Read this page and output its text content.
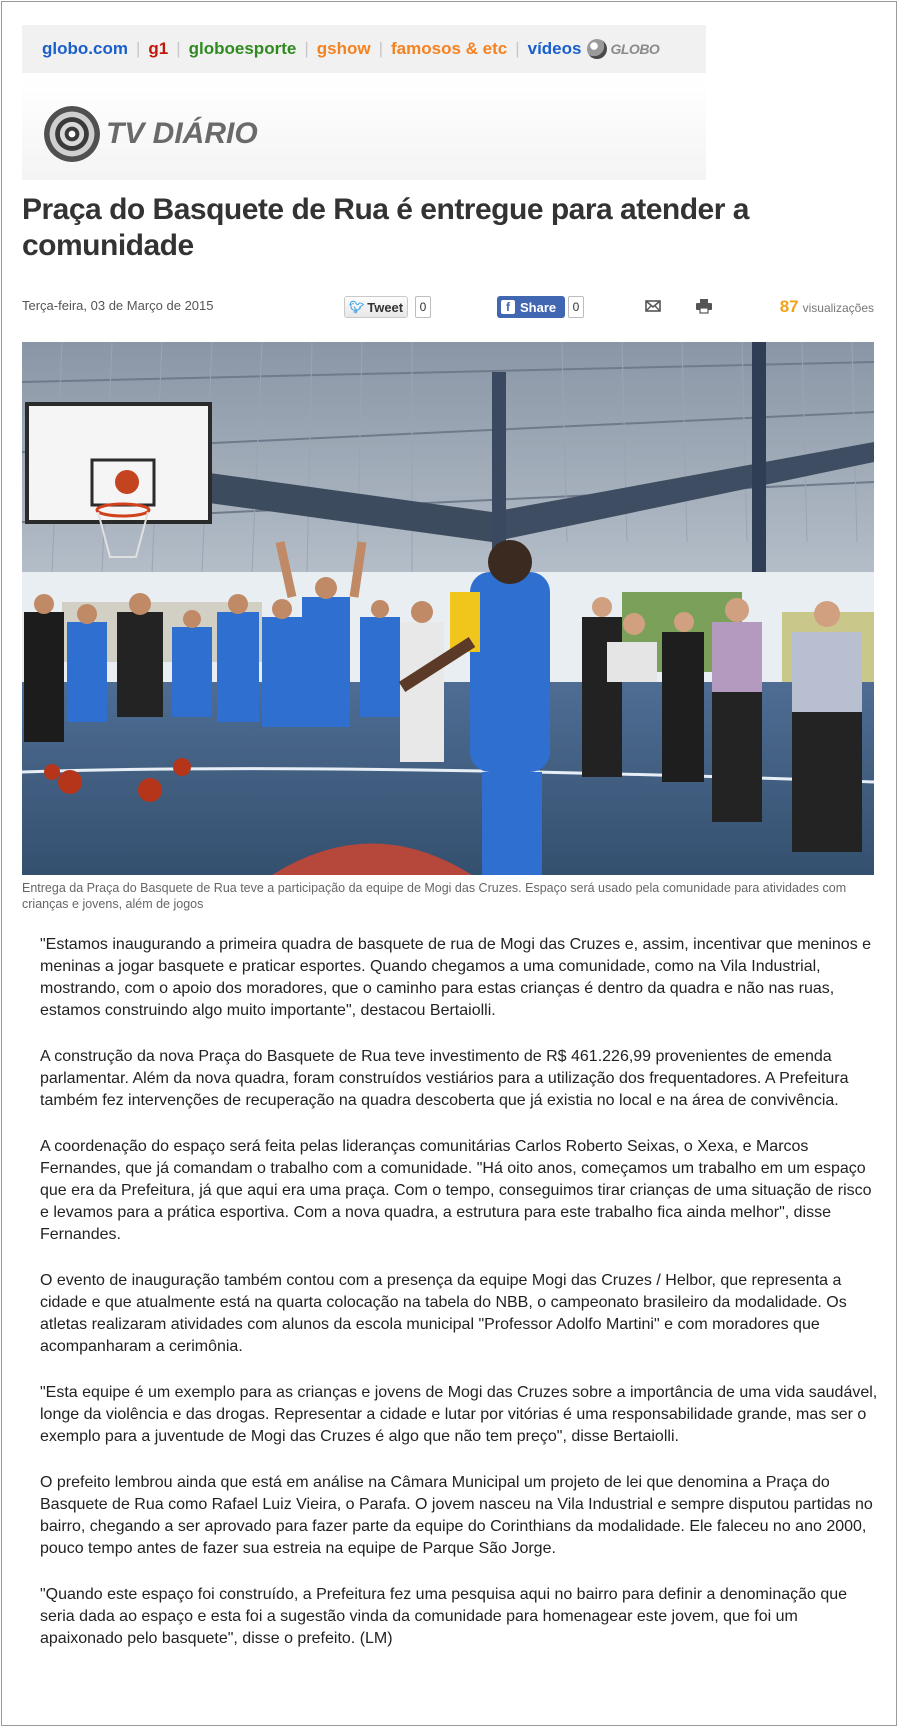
globo.com | g1 | globoesporte | gshow | famosos & etc | vídeos GLOBO
TV DIÁRIO
Praça do Basquete de Rua é entregue para atender a comunidade
Terça-feira, 03 de Março de 2015	🐦︎ Tweet	0	f Share	0	87 visualizações

Entrega da Praça do Basquete de Rua teve a participação da equipe de Mogi das Cruzes. Espaço será usado pela comunidade para atividades com crianças e jovens, além de jogos

"Estamos inaugurando a primeira quadra de basquete de rua de Mogi das Cruzes e, assim, incentivar que meninos e meninas a jogar basquete e praticar esportes. Quando chegamos a uma comunidade, como na Vila Industrial, mostrando, com o apoio dos moradores, que o caminho para estas crianças é dentro da quadra e não nas ruas, estamos construindo algo muito importante", destacou Bertaiolli.

A construção da nova Praça do Basquete de Rua teve investimento de R$ 461.226,99 provenientes de emenda parlamentar. Além da nova quadra, foram construídos vestiários para a utilização dos frequentadores. A Prefeitura também fez intervenções de recuperação na quadra descoberta que já existia no local e na área de convivência.

A coordenação do espaço será feita pelas lideranças comunitárias Carlos Roberto Seixas, o Xexa, e Marcos Fernandes, que já comandam o trabalho com a comunidade. "Há oito anos, começamos um trabalho em um espaço que era da Prefeitura, já que aqui era uma praça. Com o tempo, conseguimos tirar crianças de uma situação de risco e levamos para a prática esportiva. Com a nova quadra, a estrutura para este trabalho fica ainda melhor", disse Fernandes.

O evento de inauguração também contou com a presença da equipe Mogi das Cruzes / Helbor, que representa a cidade e que atualmente está na quarta colocação na tabela do NBB, o campeonato brasileiro da modalidade. Os atletas realizaram atividades com alunos da escola municipal "Professor Adolfo Martini" e com moradores que acompanharam a cerimônia.

"Esta equipe é um exemplo para as crianças e jovens de Mogi das Cruzes sobre a importância de uma vida saudável, longe da violência e das drogas. Representar a cidade e lutar por vitórias é uma responsabilidade grande, mas ser o exemplo para a juventude de Mogi das Cruzes é algo que não tem preço", disse Bertaiolli.

O prefeito lembrou ainda que está em análise na Câmara Municipal um projeto de lei que denomina a Praça do Basquete de Rua como Rafael Luiz Vieira, o Parafa. O jovem nasceu na Vila Industrial e sempre disputou partidas no bairro, chegando a ser aprovado para fazer parte da equipe do Corinthians da modalidade. Ele faleceu no ano 2000, pouco tempo antes de fazer sua estreia na equipe de Parque São Jorge.

"Quando este espaço foi construído, a Prefeitura fez uma pesquisa aqui no bairro para definir a denominação que seria dada ao espaço e esta foi a sugestão vinda da comunidade para homenagear este jovem, que foi um apaixonado pelo basquete", disse o prefeito. (LM)
